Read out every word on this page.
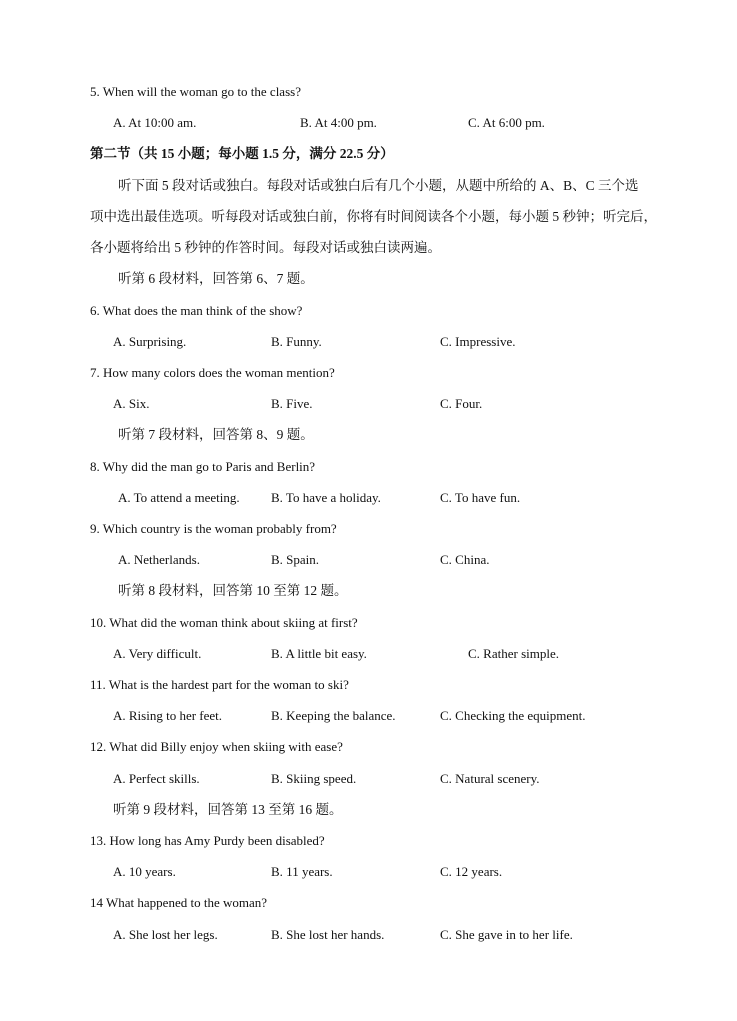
5. When will the woman go to the class?
A. At 10:00 am.	B. At 4:00 pm.	C. At 6:00 pm.
第二节（共 15 小题；每小题 1.5 分，满分 22.5 分）
听下面 5 段对话或独白。每段对话或独白后有几个小题，从题中所给的 A、B、C 三个选
项中选出最佳选项。听每段对话或独白前，你将有时间阅读各个小题，每小题 5 秒钟；听完后，
各小题将给出 5 秒钟的作答时间。每段对话或独白读两遍。
听第 6 段材料，回答第 6、7 题。
6. What does the man think of the show?
A. Surprising.	B. Funny.	C. Impressive.
7. How many colors does the woman mention?
A. Six.	B. Five.	C. Four.
听第 7 段材料，回答第 8、9 题。
8. Why did the man go to Paris and Berlin?
A. To attend a meeting. B. To have a holiday.	C. To have fun.
9. Which country is the woman probably from?
A. Netherlands.	B. Spain.	C. China.
听第 8 段材料，回答第 10 至第 12 题。
10. What did the woman think about skiing at first?
A. Very difficult.	B. A little bit easy.	C. Rather simple.
11. What is the hardest part for the woman to ski?
A. Rising to her feet.	B. Keeping the balance.	C. Checking the equipment.
12. What did Billy enjoy when skiing with ease?
A. Perfect skills.	B. Skiing speed.	C. Natural scenery.
听第 9 段材料，回答第 13 至第 16 题。
13. How long has Amy Purdy been disabled?
A. 10 years.	B. 11 years.	C. 12 years.
14 What happened to the woman?
A. She lost her legs.	B. She lost her hands.	C. She gave in to her life.
